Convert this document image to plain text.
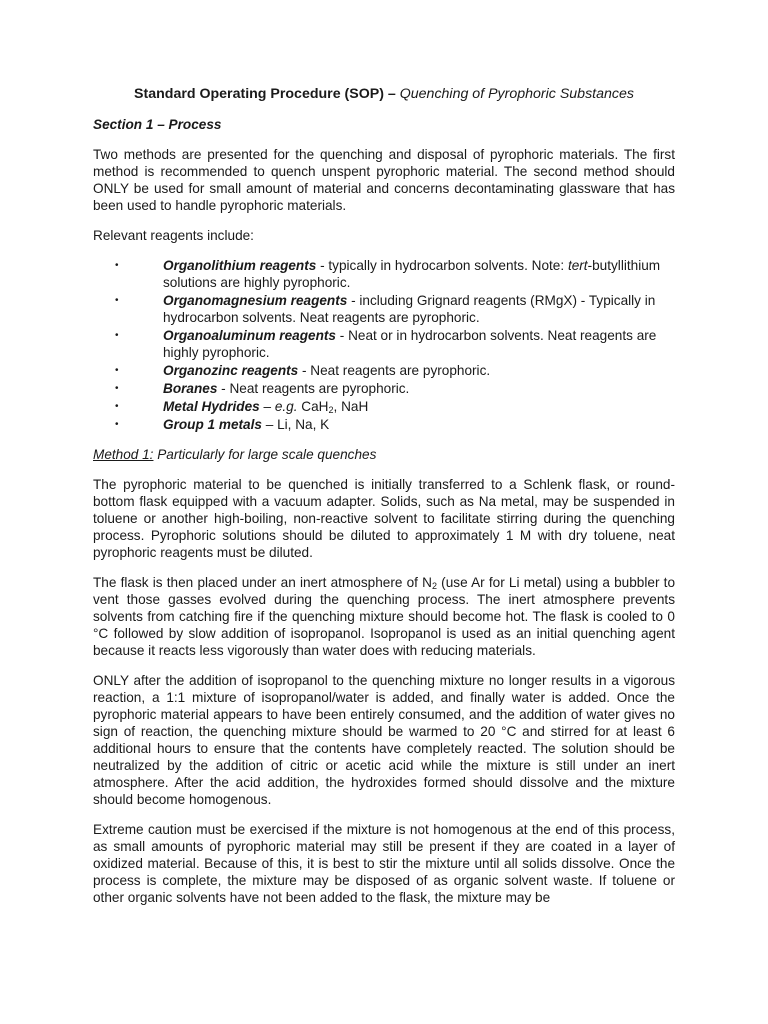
Standard Operating Procedure (SOP) – Quenching of Pyrophoric Substances
Section 1 – Process

Two methods are presented for the quenching and disposal of pyrophoric materials. The first method is recommended to quench unspent pyrophoric material. The second method should ONLY be used for small amount of material and concerns decontaminating glassware that has been used to handle pyrophoric materials.

Relevant reagents include:

•	Organolithium reagents - typically in hydrocarbon solvents. Note: tert-butyllithium solutions are highly pyrophoric.
•	Organomagnesium reagents - including Grignard reagents (RMgX) - Typically in hydrocarbon solvents. Neat reagents are pyrophoric.
•	Organoaluminum reagents - Neat or in hydrocarbon solvents. Neat reagents are highly pyrophoric.
•	Organozinc reagents - Neat reagents are pyrophoric.
•	Boranes - Neat reagents are pyrophoric.
•	Metal Hydrides – e.g. CaH$_2$, NaH
•	Group 1 metals – Li, Na, K
Method 1: Particularly for large scale quenches

The pyrophoric material to be quenched is initially transferred to a Schlenk flask, or round-bottom flask equipped with a vacuum adapter. Solids, such as Na metal, may be suspended in toluene or another high-boiling, non-reactive solvent to facilitate stirring during the quenching process. Pyrophoric solutions should be diluted to approximately 1 M with dry toluene, neat pyrophoric reagents must be diluted.

The flask is then placed under an inert atmosphere of $N_2$ (use Ar for Li metal) using a bubbler to vent those gasses evolved during the quenching process. The inert atmosphere prevents solvents from catching fire if the quenching mixture should become hot. The flask is cooled to 0 °C followed by slow addition of isopropanol. Isopropanol is used as an initial quenching agent because it reacts less vigorously than water does with reducing materials.

ONLY after the addition of isopropanol to the quenching mixture no longer results in a vigorous reaction, a 1:1 mixture of isopropanol/water is added, and finally water is added. Once the pyrophoric material appears to have been entirely consumed, and the addition of water gives no sign of reaction, the quenching mixture should be warmed to 20 °C and stirred for at least 6 additional hours to ensure that the contents have completely reacted. The solution should be neutralized by the addition of citric or acetic acid while the mixture is still under an inert atmosphere. After the acid addition, the hydroxides formed should dissolve and the mixture should become homogenous.

Extreme caution must be exercised if the mixture is not homogenous at the end of this process, as small amounts of pyrophoric material may still be present if they are coated in a layer of oxidized material. Because of this, it is best to stir the mixture until all solids dissolve. Once the process is complete, the mixture may be disposed of as organic solvent waste. If toluene or other organic solvents have not been added to the flask, the mixture may be
